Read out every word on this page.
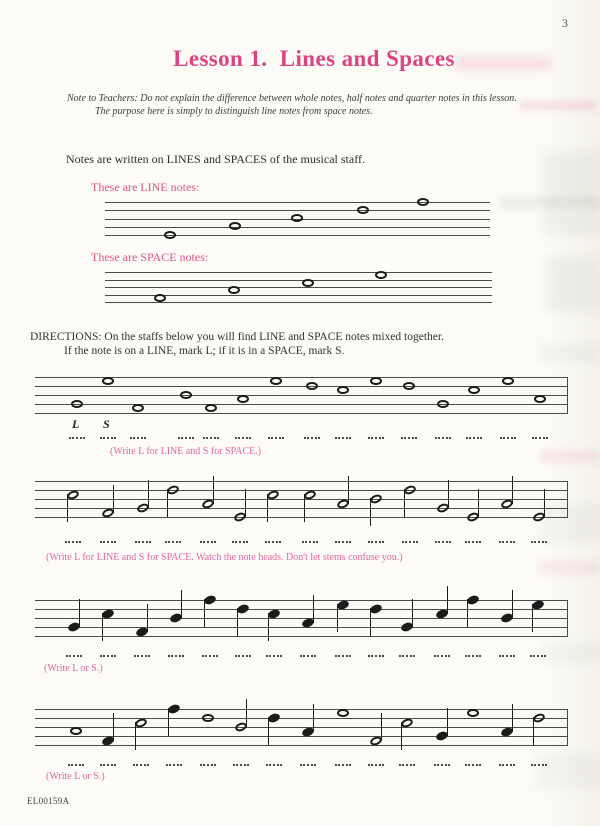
3
Lesson 1.  Lines and Spaces
Note to Teachers: Do not explain the difference between whole notes, half notes and quarter notes in this lesson.
The purpose here is simply to distinguish line notes from space notes.
Notes are written on LINES and SPACES of the musical staff.
These are LINE notes:
These are SPACE notes:
DIRECTIONS: On the staffs below you will find LINE and SPACE notes mixed together.
If the note is on a LINE, mark L; if it is in a SPACE, mark S.
EL00159A
L S
(Write L for LINE and S for SPACE.)
(Write L for LINE and S for SPACE. Watch the note heads. Don't let stems confuse you.)
(Write L or S.)
(Write L or S.)
